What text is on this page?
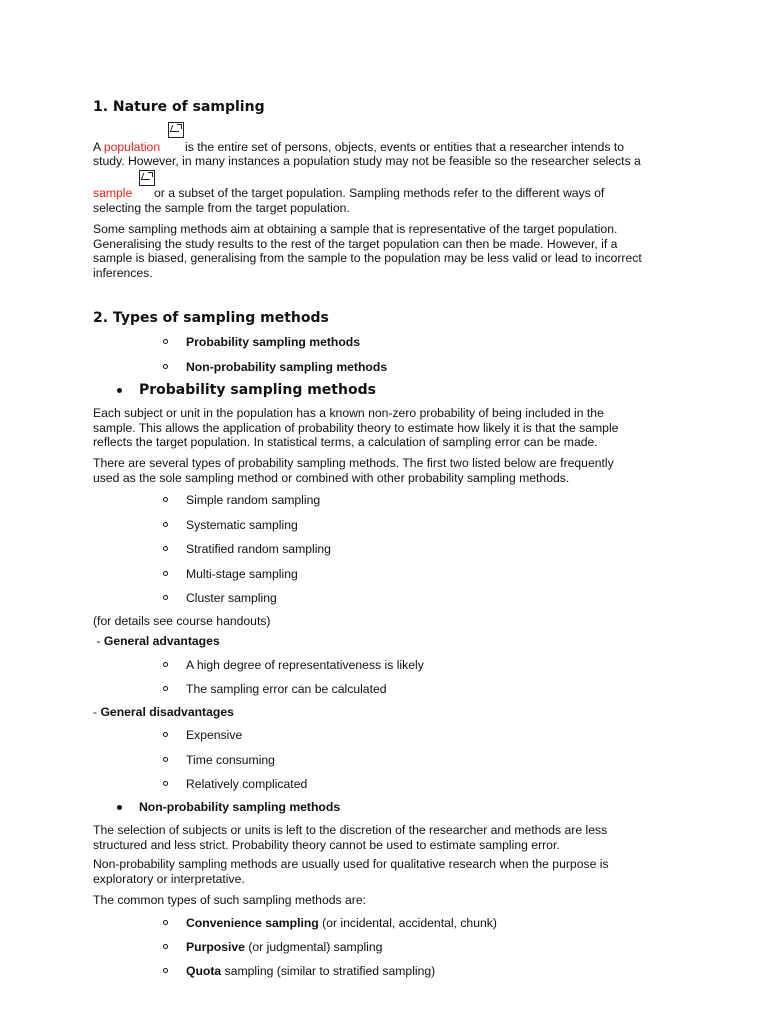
1. Nature of sampling
A population is the entire set of persons, objects, events or entities that a researcher intends to
study. However, in many instances a population study may not be feasible so the researcher selects a
sample or a subset of the target population. Sampling methods refer to the different ways of
selecting the sample from the target population.
Some sampling methods aim at obtaining a sample that is representative of the target population.
Generalising the study results to the rest of the target population can then be made. However, if a
sample is biased, generalising from the sample to the population may be less valid or lead to incorrect
inferences.
2. Types of sampling methods
Probability sampling methods
Non-probability sampling methods
Probability sampling methods
Each subject or unit in the population has a known non-zero probability of being included in the
sample. This allows the application of probability theory to estimate how likely it is that the sample
reflects the target population. In statistical terms, a calculation of sampling error can be made.
There are several types of probability sampling methods. The first two listed below are frequently
used as the sole sampling method or combined with other probability sampling methods.
Simple random sampling
Systematic sampling
Stratified random sampling
Multi-stage sampling
Cluster sampling
(for details see course handouts)
- General advantages
A high degree of representativeness is likely
The sampling error can be calculated
- General disadvantages
Expensive
Time consuming
Relatively complicated
Non-probability sampling methods
The selection of subjects or units is left to the discretion of the researcher and methods are less
structured and less strict. Probability theory cannot be used to estimate sampling error.
Non-probability sampling methods are usually used for qualitative research when the purpose is
exploratory or interpretative.
The common types of such sampling methods are:
Convenience sampling (or incidental, accidental, chunk)
Purposive (or judgmental) sampling
Quota sampling (similar to stratified sampling)
